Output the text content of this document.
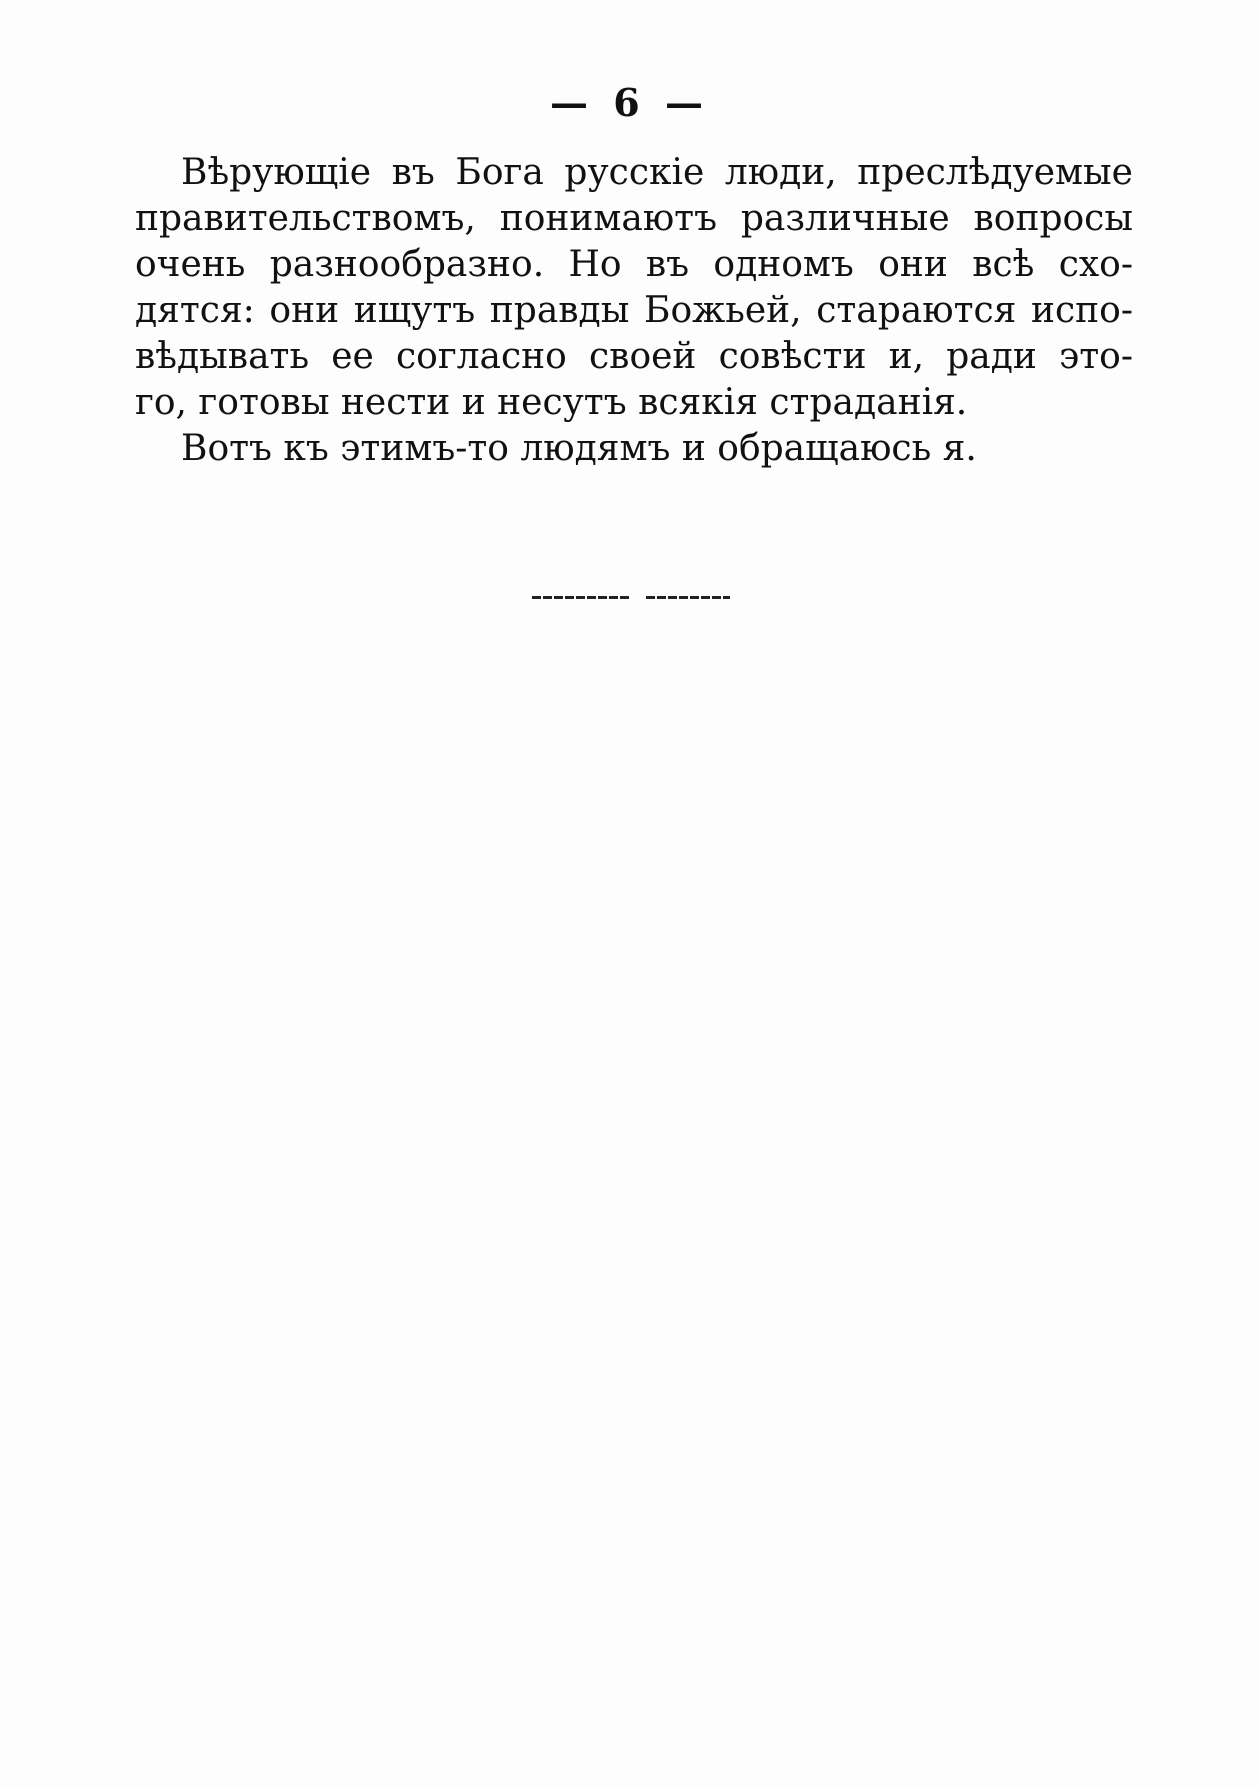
— 6 —
Вѣрующіе въ Бога русскіе люди, преслѣдуемые
правительствомъ, понимаютъ различные вопросы
очень разнообразно. Но въ одномъ они всѣ схо-
дятся: они ищутъ правды Божьей, стараются испо-
вѣдывать ее согласно своей совѣсти и, ради это-
го, готовы нести и несутъ всякія страданія.
Вотъ къ этимъ-то людямъ и обращаюсь я.
